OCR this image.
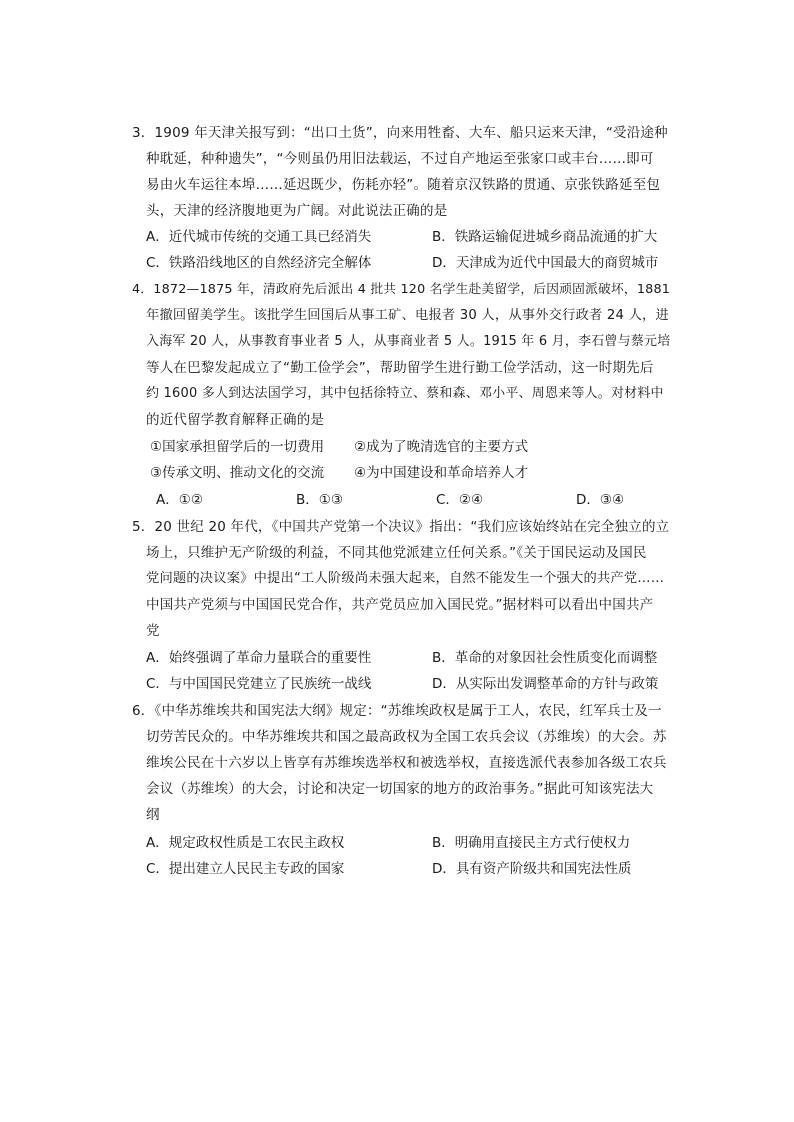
3．1909 年天津关报写到：“出口土货”，向来用牲畜、大车、船只运来天津，“受沿途种
种耽延，种种遗失”，“今则虽仍用旧法载运，不过自产地运至张家口或丰台……即可
易由火车运往本埠……延迟既少，伤耗亦轻”。随着京汉铁路的贯通、京张铁路延至包
头，天津的经济腹地更为广阔。对此说法正确的是
A．近代城市传统的交通工具已经消失	B．铁路运输促进城乡商品流通的扩大
C．铁路沿线地区的自然经济完全解体	D．天津成为近代中国最大的商贸城市
4．1872—1875 年，清政府先后派出 4 批共 120 名学生赴美留学，后因顽固派破坏，1881
年撤回留美学生。该批学生回国后从事工矿、电报者 30 人，从事外交行政者 24 人，进
入海军 20 人，从事教育事业者 5 人，从事商业者 5 人。1915 年 6 月，李石曾与蔡元培
等人在巴黎发起成立了“勤工俭学会”，帮助留学生进行勤工俭学活动，这一时期先后
约 1600 多人到达法国学习，其中包括徐特立、蔡和森、邓小平、周恩来等人。对材料中
的近代留学教育解释正确的是
①国家承担留学后的一切费用 ②成为了晚清选官的主要方式
③传承文明、推动文化的交流 ④为中国建设和革命培养人才
A．①②	B．①③	C．②④	D．③④
5．20 世纪 20 年代，《中国共产党第一个决议》指出：“我们应该始终站在完全独立的立
场上，只维护无产阶级的利益，不同其他党派建立任何关系。”《关于国民运动及国民
党问题的决议案》中提出“工人阶级尚未强大起来，自然不能发生一个强大的共产党……
中国共产党须与中国国民党合作，共产党员应加入国民党。”据材料可以看出中国共产
党
A．始终强调了革命力量联合的重要性	B．革命的对象因社会性质变化而调整
C．与中国国民党建立了民族统一战线	D．从实际出发调整革命的方针与政策
6．《中华苏维埃共和国宪法大纲》规定：“苏维埃政权是属于工人，农民，红军兵士及一
切劳苦民众的。中华苏维埃共和国之最高政权为全国工农兵会议（苏维埃）的大会。苏
维埃公民在十六岁以上皆享有苏维埃选举权和被选举权，直接选派代表参加各级工农兵
会议（苏维埃）的大会，讨论和决定一切国家的地方的政治事务。”据此可知该宪法大
纲
A．规定政权性质是工农民主政权	B．明确用直接民主方式行使权力
C．提出建立人民民主专政的国家	D．具有资产阶级共和国宪法性质
